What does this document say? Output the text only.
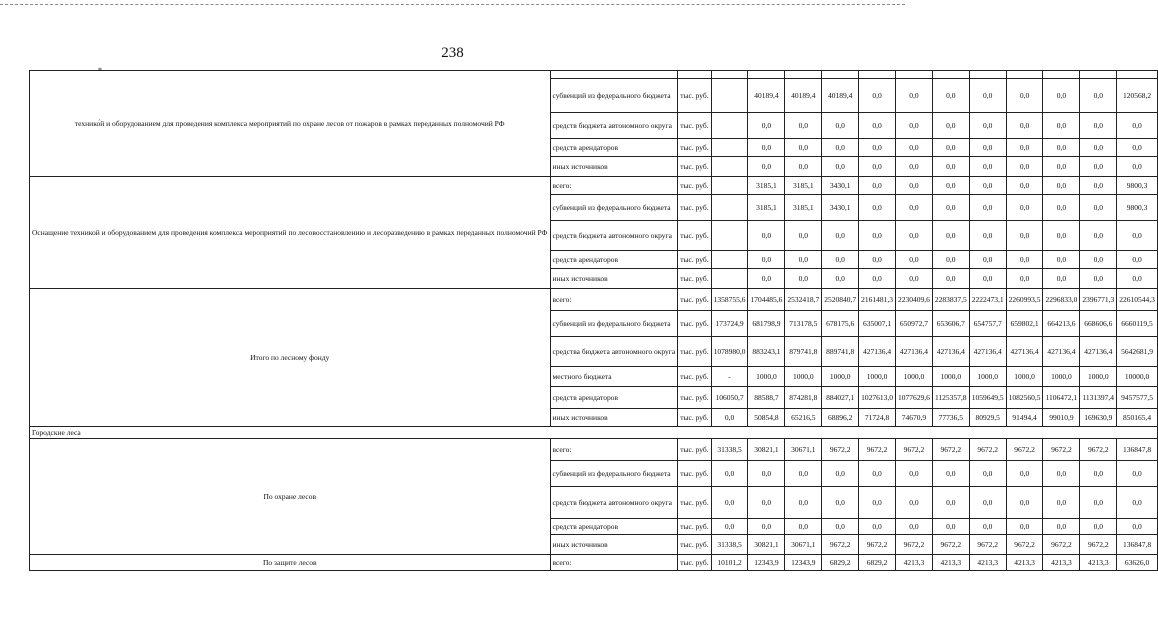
238
*
технико́й и оборудованием для проведения комплекса мероприятий по охране лесов от пожаров в рамках переданных полномочий РФ														
	субвенций из федерального бюджета	тыс. руб.		40189,4	40189,4	40189,4	0,0	0,0	0,0	0,0	0,0	0,0	0,0	120568,2
	средств бюджета автономного округа	тыс. руб.		0,0	0,0	0,0	0,0	0,0	0,0	0,0	0,0	0,0	0,0	0,0
	средств арендаторов	тыс. руб.		0,0	0,0	0,0	0,0	0,0	0,0	0,0	0,0	0,0	0,0	0,0
	иных источников	тыс. руб.		0,0	0,0	0,0	0,0	0,0	0,0	0,0	0,0	0,0	0,0	0,0
Оснащение техникой и оборудованием для проведения комплекса мероприятий по лесовосстановлению и лесоразведению в рамках переданных полномочий РФ	всего:	тыс. руб.		3185,1	3185,1	3430,1	0,0	0,0	0,0	0,0	0,0	0,0	0,0	9800,3
	субвенций из федерального бюджета	тыс. руб.		3185,1	3185,1	3430,1	0,0	0,0	0,0	0,0	0,0	0,0	0,0	9800,3
	средств бюджета автономного округа	тыс. руб.		0,0	0,0	0,0	0,0	0,0	0,0	0,0	0,0	0,0	0,0	0,0
	средств арендаторов	тыс. руб.		0,0	0,0	0,0	0,0	0,0	0,0	0,0	0,0	0,0	0,0	0,0
	иных источников	тыс. руб.		0,0	0,0	0,0	0,0	0,0	0,0	0,0	0,0	0,0	0,0	0,0
Итого по лесному фонду	всего:	тыс. руб.	1358755,6	1704485,6	2532418,7	2520840,7	2161481,3	2230409,6	2283837,5	2222473,1	2260993,5	2296833,0	2396771,3	22610544,3
	субвенций из федерального бюджета	тыс. руб.	173724,9	681798,9	713178,5	678175,6	635007,1	650972,7	653606,7	654757,7	659802,1	664213,6	668606,6	6660119,5
	средства бюджета автономного округа	тыс. руб.	1078980,0	883243,1	879741,8	889741,8	427136,4	427136,4	427136,4	427136,4	427136,4	427136,4	427136,4	5642681,9
	местного бюджета	тыс. руб.	-	1000,0	1000,0	1000,0	1000,0	1000,0	1000,0	1000,0	1000,0	1000,0	1000,0	10000,0
	средств арендаторов	тыс. руб.	106050,7	88588,7	874281,8	884027,1	1027613,0	1077629,6	1125357,8	1059649,5	1082560,5	1106472,1	1131397,4	9457577,5
	иных источников	тыс. руб.	0,0	50854,8	65216,5	68896,2	71724,8	74670,9	77736,5	80929,5	91494,4	99010,9	169630,9	850165,4
Городские леса														
По охране лесов	всего:	тыс. руб.	31338,5	30821,1	30671,1	9672,2	9672,2	9672,2	9672,2	9672,2	9672,2	9672,2	9672,2	136847,8
	субвенций из федерального бюджета	тыс. руб.	0,0	0,0	0,0	0,0	0,0	0,0	0,0	0,0	0,0	0,0	0,0	0,0
	средств бюджета автономного округа	тыс. руб.	0,0	0,0	0,0	0,0	0,0	0,0	0,0	0,0	0,0	0,0	0,0	0,0
	средств арендаторов	тыс. руб.	0,0	0,0	0,0	0,0	0,0	0,0	0,0	0,0	0,0	0,0	0,0	0,0
	иных источников	тыс. руб.	31338,5	30821,1	30671,1	9672,2	9672,2	9672,2	9672,2	9672,2	9672,2	9672,2	9672,2	136847,8
По защите лесов	всего:	тыс. руб.	10101,2	12343,9	12343,9	6829,2	6829,2	4213,3	4213,3	4213,3	4213,3	4213,3	4213,3	63626,0
